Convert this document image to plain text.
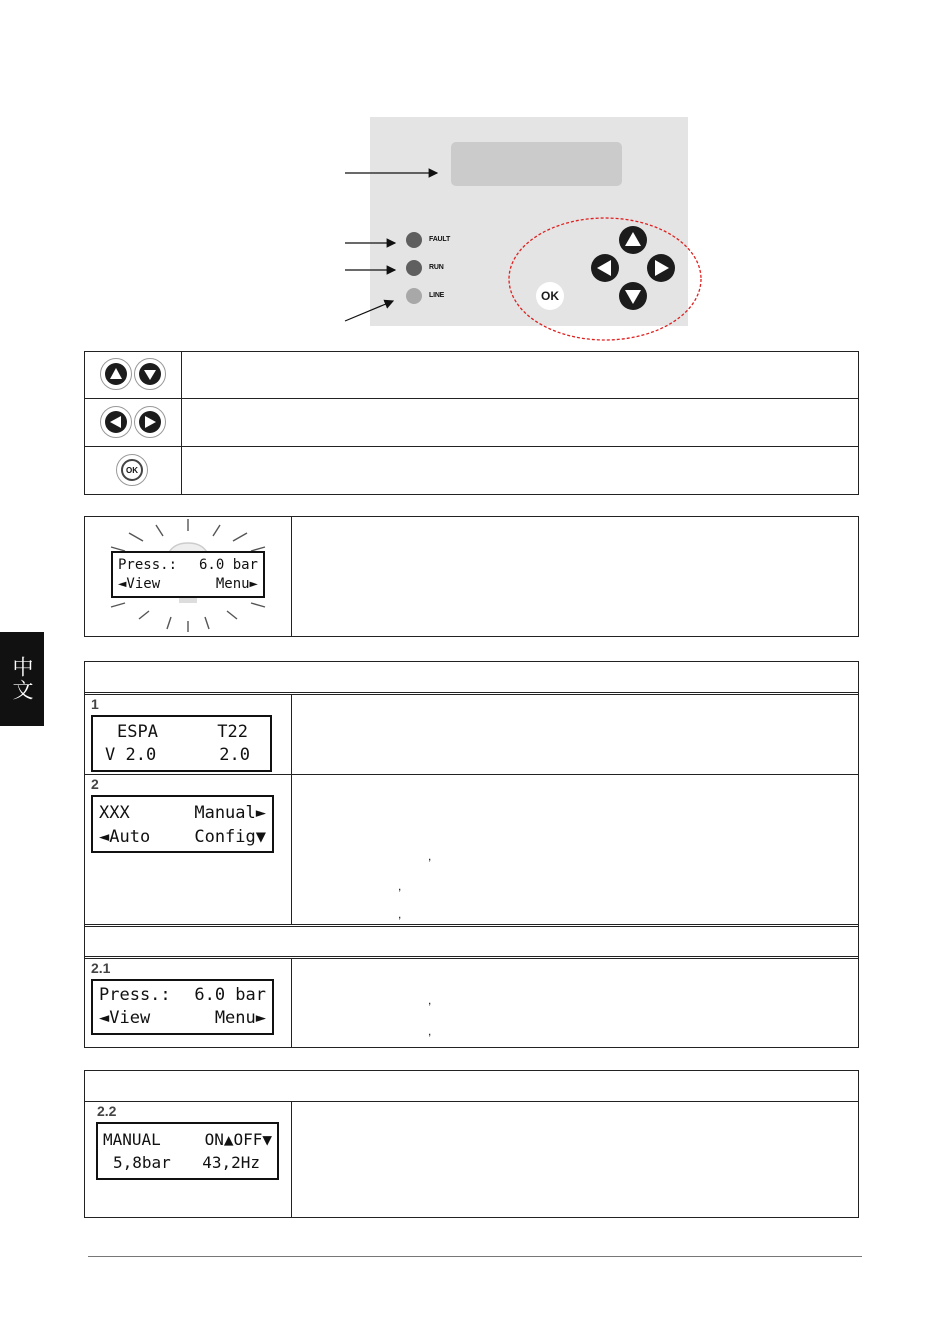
中文
FAULT
RUN
LINE	OK
OK
Press.: 6.0 bar
◄View	Menu►
1
ESPA	T22
V 2.0	2.0
2
XXX	Manual►
◄Auto	Config▼
,
,
,
2.1
Press.: 6.0 bar
◄View	Menu►
,
,
2.2
MANUAL	ON▲OFF▼
5,8bar 43,2Hz
